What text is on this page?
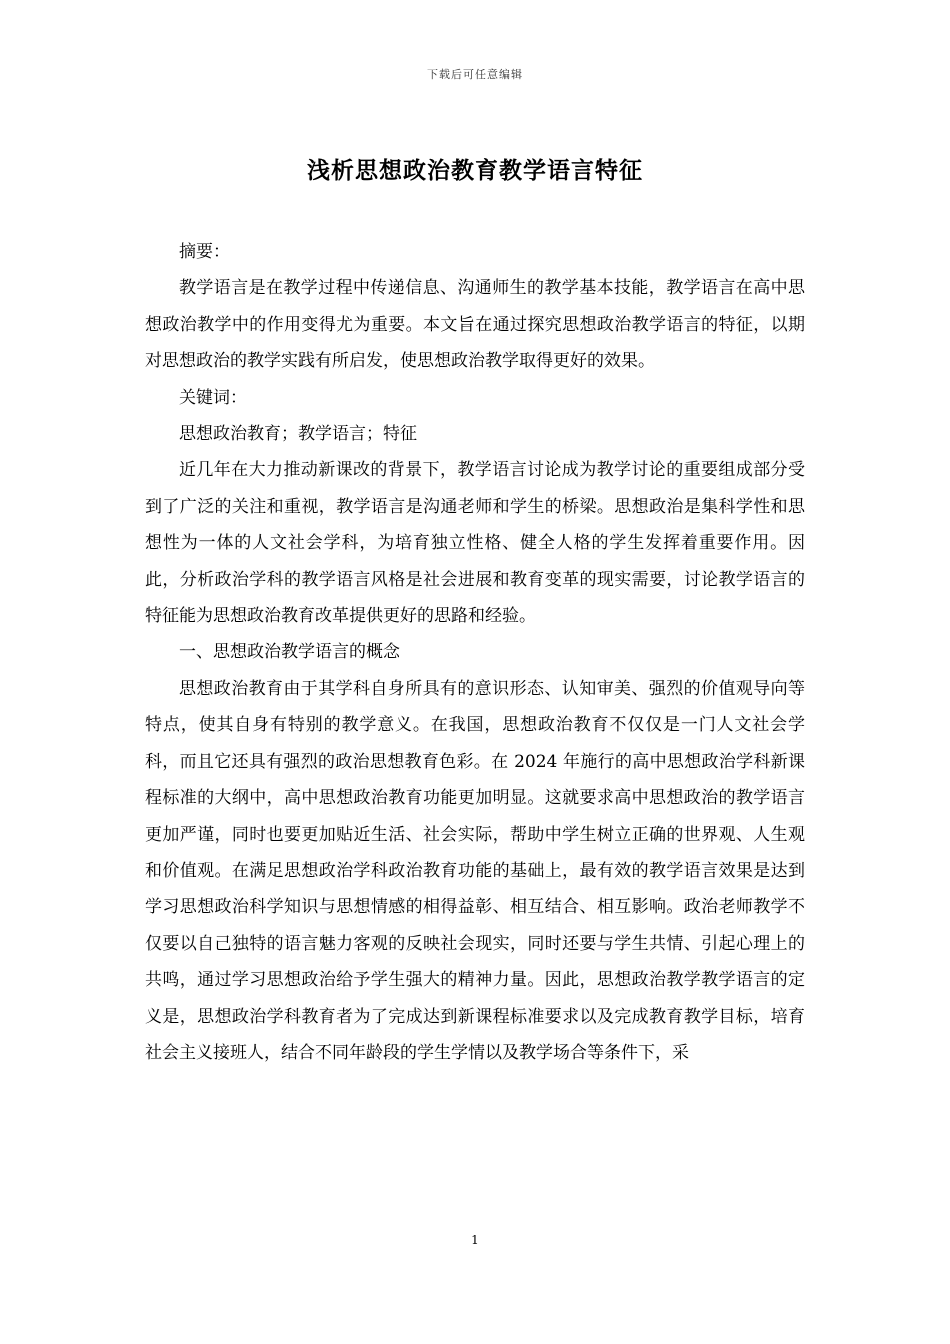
下载后可任意编辑
浅析思想政治教育教学语言特征

摘要：

教学语言是在教学过程中传递信息、沟通师生的教学基本技能，教学语言在高中思想政治教学中的作用变得尤为重要。本文旨在通过探究思想政治教学语言的特征，以期对思想政治的教学实践有所启发，使思想政治教学取得更好的效果。

关键词：

思想政治教育；教学语言；特征

近几年在大力推动新课改的背景下，教学语言讨论成为教学讨论的重要组成部分受到了广泛的关注和重视，教学语言是沟通老师和学生的桥梁。思想政治是集科学性和思想性为一体的人文社会学科，为培育独立性格、健全人格的学生发挥着重要作用。因此，分析政治学科的教学语言风格是社会进展和教育变革的现实需要，讨论教学语言的特征能为思想政治教育改革提供更好的思路和经验。

一、思想政治教学语言的概念

思想政治教育由于其学科自身所具有的意识形态、认知审美、强烈的价值观导向等特点，使其自身有特别的教学意义。在我国，思想政治教育不仅仅是一门人文社会学科，而且它还具有强烈的政治思想教育色彩。在 2024 年施行的高中思想政治学科新课程标准的大纲中，高中思想政治教育功能更加明显。这就要求高中思想政治的教学语言更加严谨，同时也要更加贴近生活、社会实际，帮助中学生树立正确的世界观、人生观和价值观。在满足思想政治学科政治教育功能的基础上，最有效的教学语言效果是达到学习思想政治科学知识与思想情感的相得益彰、相互结合、相互影响。政治老师教学不仅要以自己独特的语言魅力客观的反映社会现实，同时还要与学生共情、引起心理上的共鸣，通过学习思想政治给予学生强大的精神力量。因此，思想政治教学教学语言的定义是，思想政治学科教育者为了完成达到新课程标准要求以及完成教育教学目标，培育社会主义接班人，结合不同年龄段的学生学情以及教学场合等条件下，采

1
